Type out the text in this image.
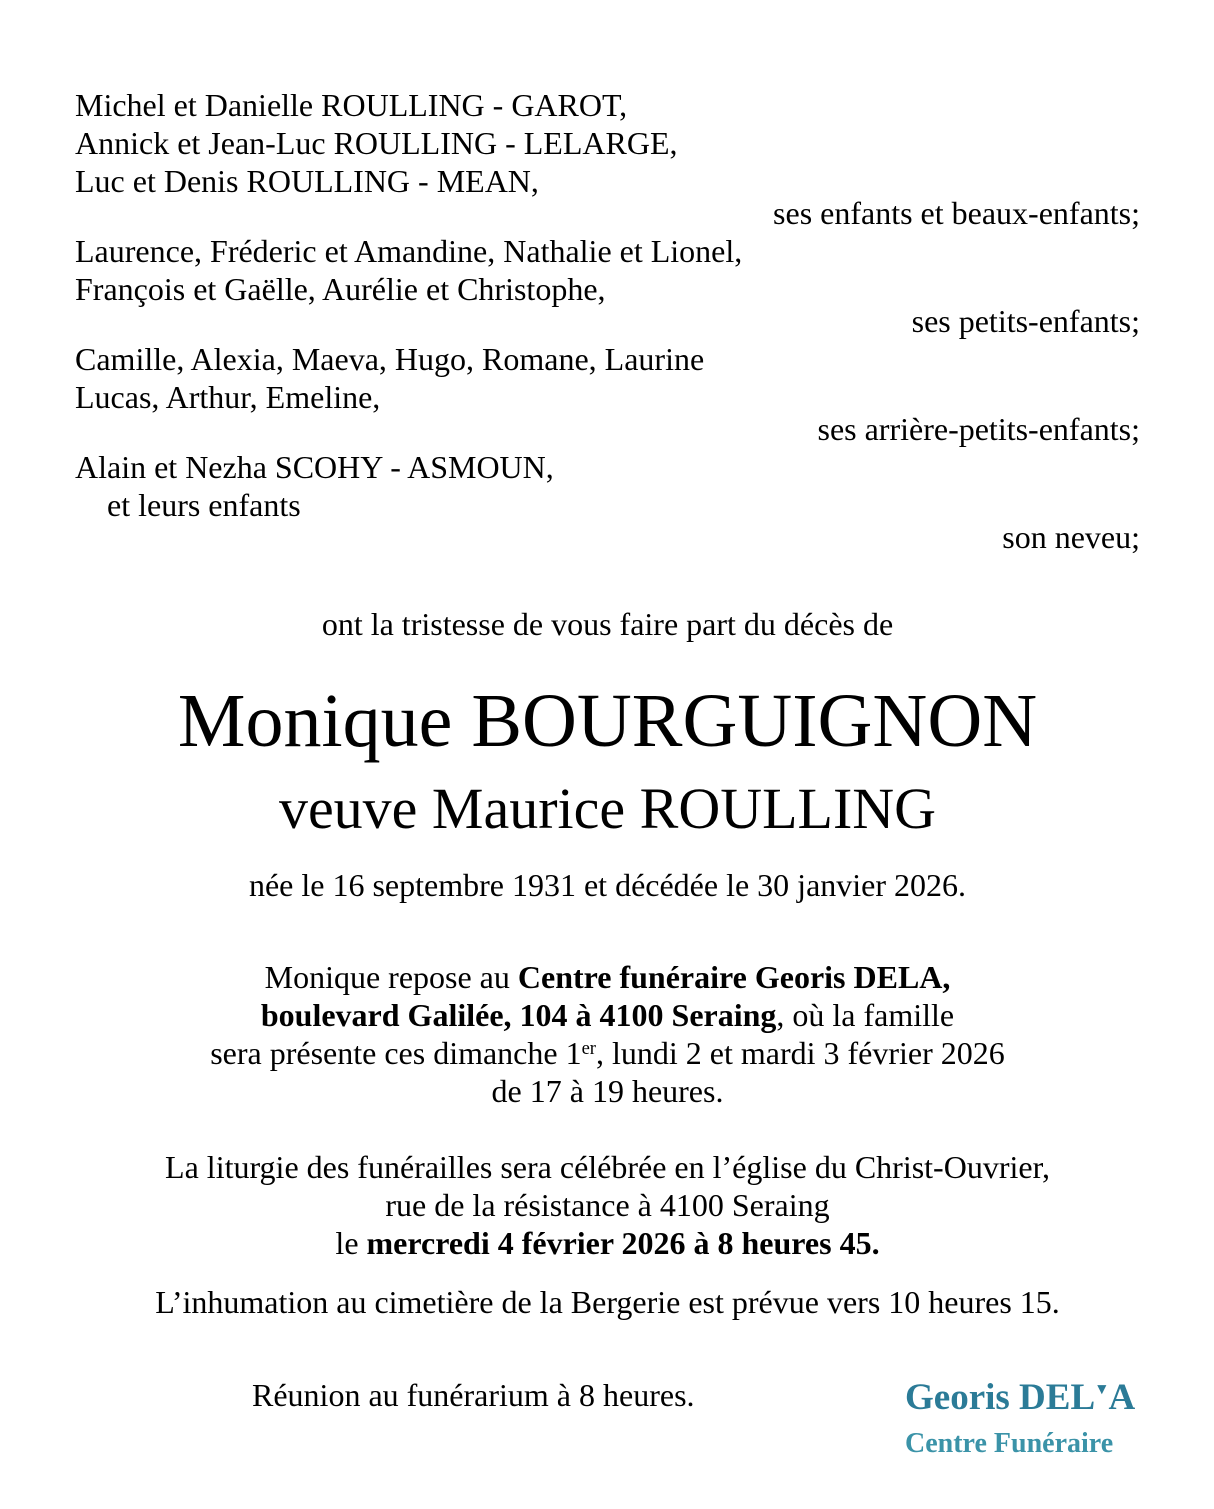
Michel et Danielle ROULLING - GAROT,
Annick et Jean-Luc ROULLING - LELARGE,
Luc et Denis ROULLING - MEAN,
ses enfants et beaux-enfants;
Laurence, Fréderic et Amandine, Nathalie et Lionel,
François et Gaëlle, Aurélie et Christophe,
ses petits-enfants;
Camille, Alexia, Maeva, Hugo, Romane, Laurine
Lucas, Arthur, Emeline,
ses arrière-petits-enfants;
Alain et Nezha SCOHY - ASMOUN,
et leurs enfants
son neveu;
ont la tristesse de vous faire part du décès de
Monique BOURGUIGNON
veuve Maurice ROULLING
née le 16 septembre 1931 et décédée le 30 janvier 2026.
Monique repose au Centre funéraire Georis DELA,
boulevard Galilée, 104 à 4100 Seraing, où la famille
sera présente ces dimanche 1er, lundi 2 et mardi 3 février 2026
de 17 à 19 heures.
La liturgie des funérailles sera célébrée en l’église du Christ-Ouvrier,
rue de la résistance à 4100 Seraing
le mercredi 4 février 2026 à 8 heures 45.
L’inhumation au cimetière de la Bergerie est prévue vers 10 heures 15.
Réunion au funérarium à 8 heures.	Georis DEL▼A
Centre Funéraire
